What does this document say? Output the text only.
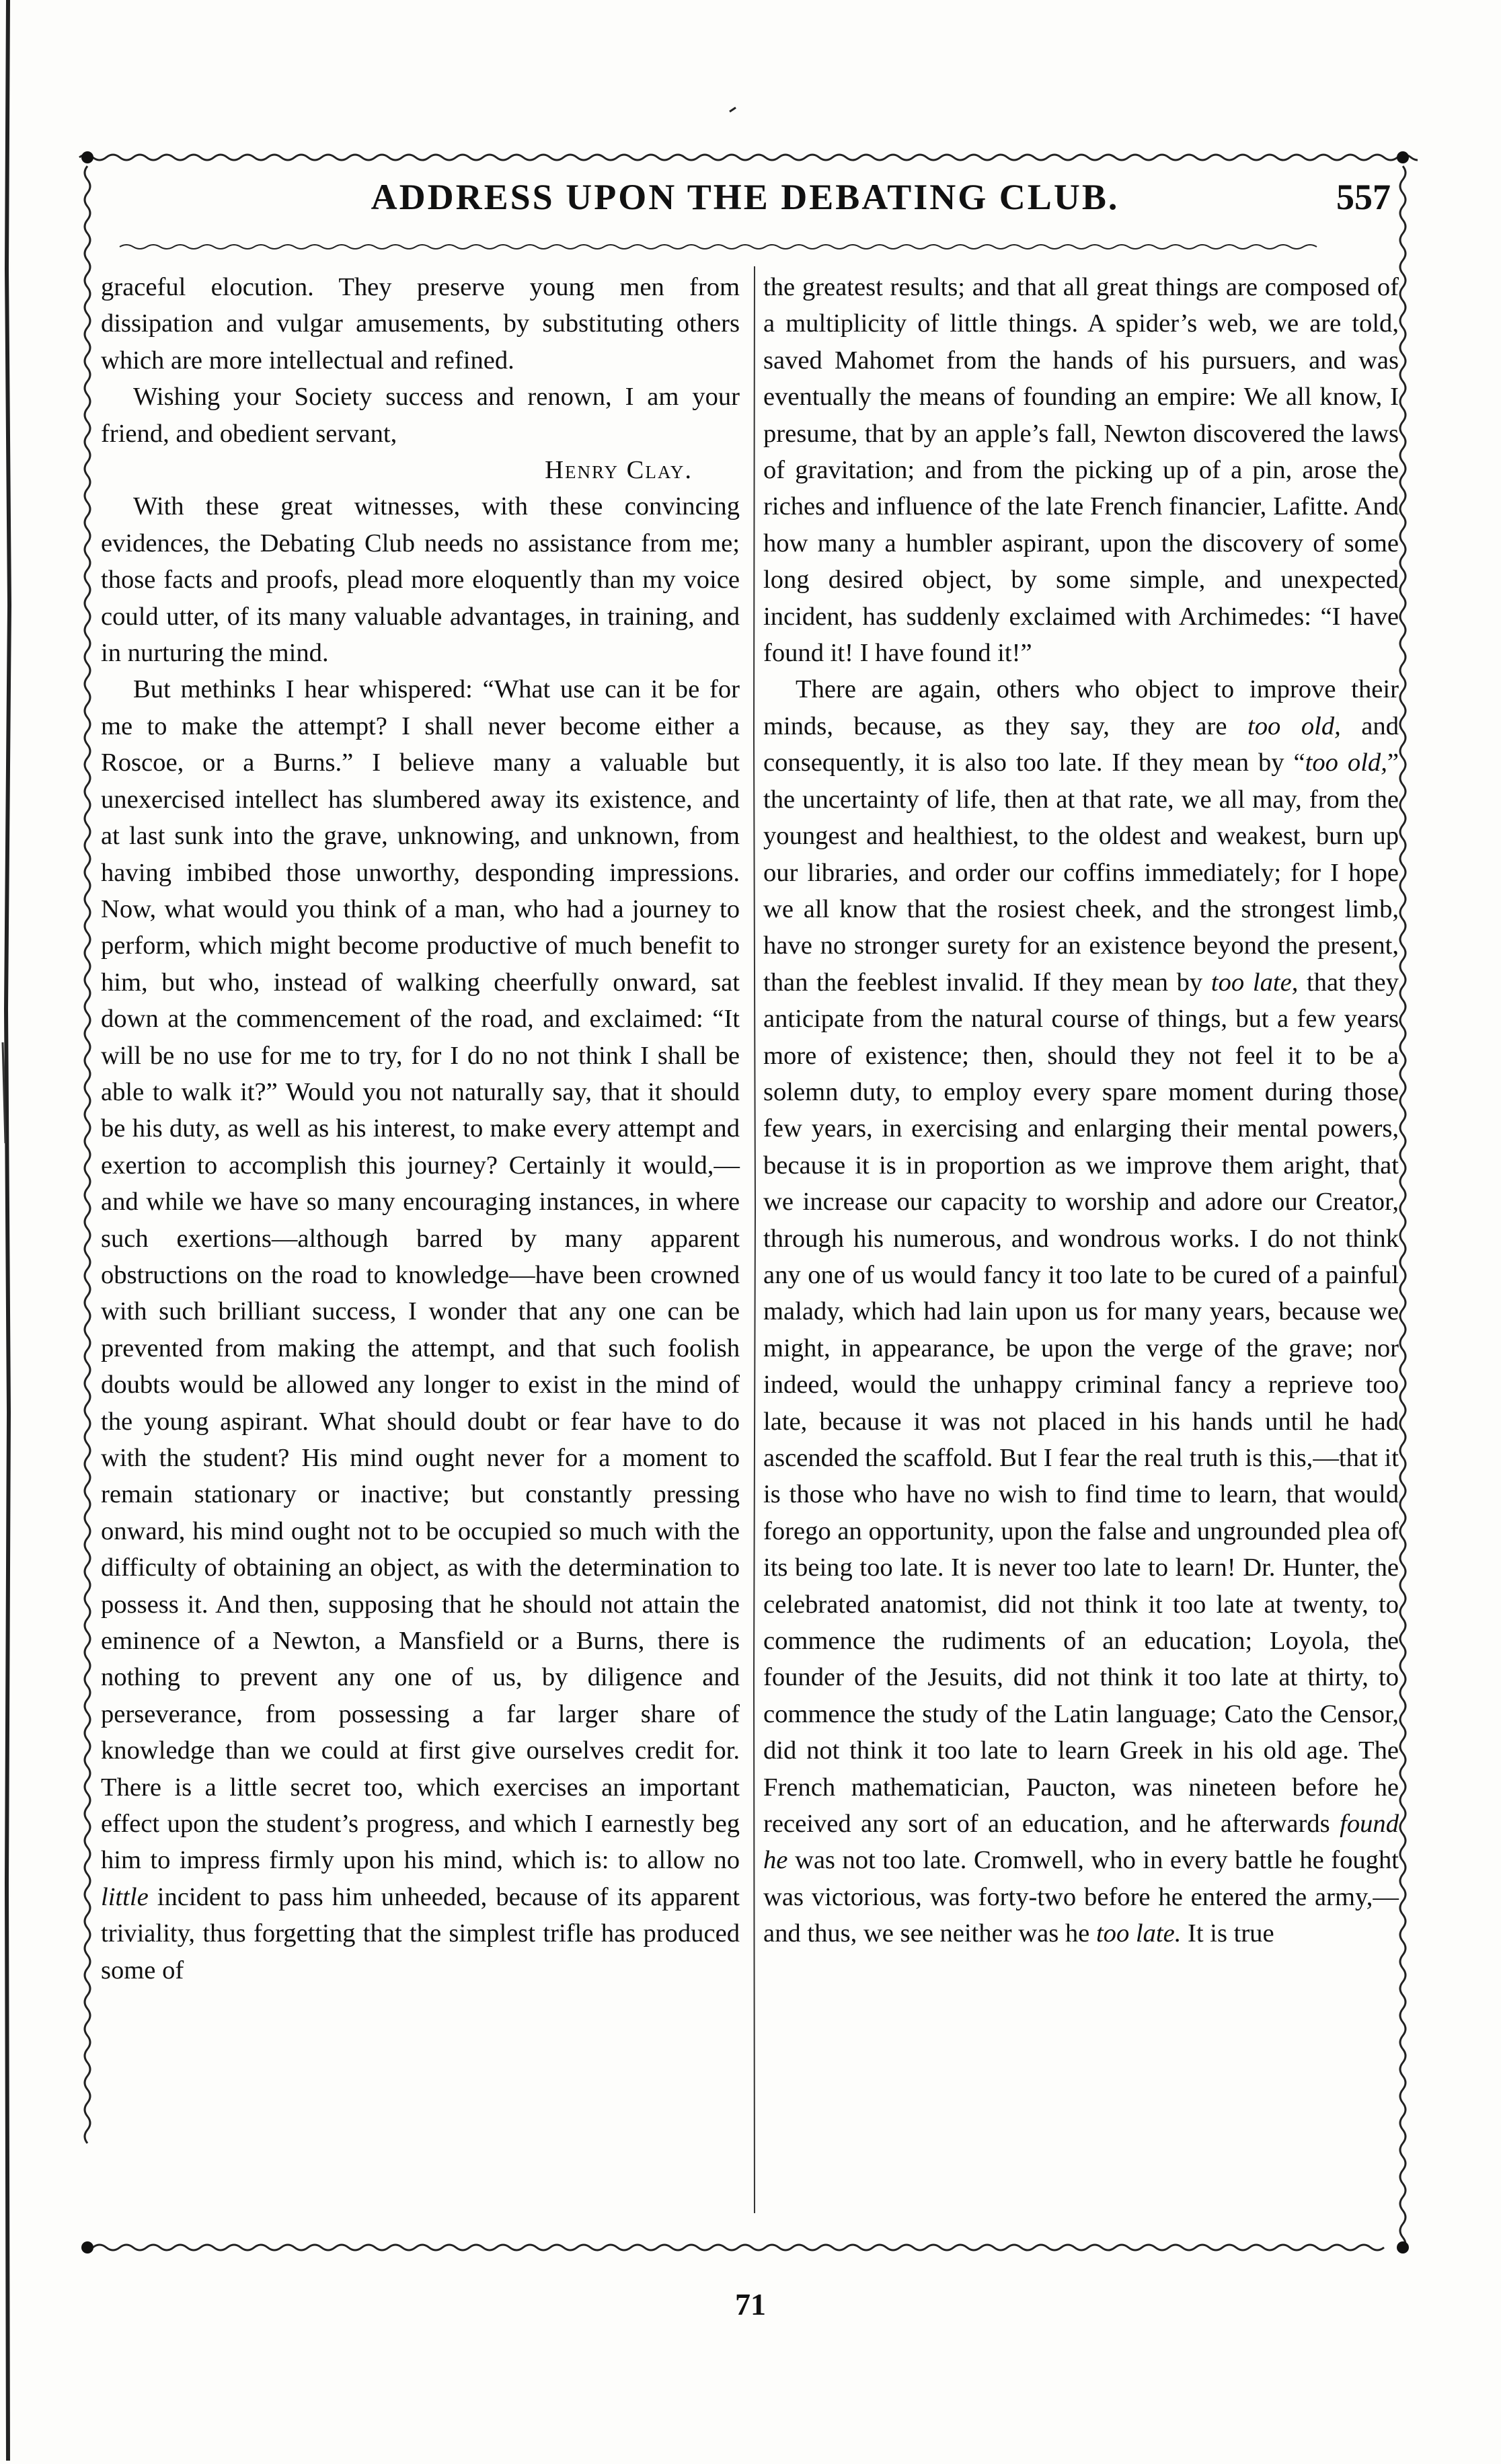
ADDRESS UPON THE DEBATING CLUB.	557

graceful elocution. They preserve young men from dissipation and vulgar amusements, by substituting others which are more intellectual and refined.

Wishing your Society success and renown, I am your friend, and obedient servant,

Henry Clay.

With these great witnesses, with these convincing evidences, the Debating Club needs no assistance from me; those facts and proofs, plead more eloquently than my voice could utter, of its many valuable advantages, in training, and in nurturing the mind.

But methinks I hear whispered: “What use can it be for me to make the attempt? I shall never become either a Roscoe, or a Burns.” I believe many a valuable but unexercised intellect has slumbered away its existence, and at last sunk into the grave, unknowing, and unknown, from having imbibed those unworthy, desponding impressions. Now, what would you think of a man, who had a journey to perform, which might become productive of much benefit to him, but who, instead of walking cheerfully onward, sat down at the commencement of the road, and exclaimed: “It will be no use for me to try, for I do no not think I shall be able to walk it?” Would you not naturally say, that it should be his duty, as well as his interest, to make every attempt and exertion to accomplish this journey? Certainly it would,—and while we have so many encouraging instances, in where such exertions—although barred by many apparent obstructions on the road to knowledge—have been crowned with such brilliant success, I wonder that any one can be prevented from making the attempt, and that such foolish doubts would be allowed any longer to exist in the mind of the young aspirant. What should doubt or fear have to do with the student? His mind ought never for a moment to remain stationary or inactive; but constantly pressing onward, his mind ought not to be occupied so much with the difficulty of obtaining an object, as with the determination to possess it. And then, supposing that he should not attain the eminence of a Newton, a Mansfield or a Burns, there is nothing to prevent any one of us, by diligence and perseverance, from possessing a far larger share of knowledge than we could at first give ourselves credit for. There is a little secret too, which exercises an important effect upon the student’s progress, and which I earnestly beg him to impress firmly upon his mind, which is: to allow no little incident to pass him unheeded, because of its apparent triviality, thus forgetting that the simplest trifle has produced some of

the greatest results; and that all great things are composed of a multiplicity of little things. A spider’s web, we are told, saved Mahomet from the hands of his pursuers, and was eventually the means of founding an empire: We all know, I presume, that by an apple’s fall, Newton discovered the laws of gravitation; and from the picking up of a pin, arose the riches and influence of the late French financier, Lafitte. And how many a humbler aspirant, upon the discovery of some long desired object, by some simple, and unexpected incident, has suddenly exclaimed with Archimedes: “I have found it! I have found it!”

There are again, others who object to improve their minds, because, as they say, they are too old, and consequently, it is also too late. If they mean by “too old,” the uncertainty of life, then at that rate, we all may, from the youngest and healthiest, to the oldest and weakest, burn up our libraries, and order our coffins immediately; for I hope we all know that the rosiest cheek, and the strongest limb, have no stronger surety for an existence beyond the present, than the feeblest invalid. If they mean by too late, that they anticipate from the natural course of things, but a few years more of existence; then, should they not feel it to be a solemn duty, to employ every spare moment during those few years, in exercising and enlarging their mental powers, because it is in proportion as we improve them aright, that we increase our capacity to worship and adore our Creator, through his numerous, and wondrous works. I do not think any one of us would fancy it too late to be cured of a painful malady, which had lain upon us for many years, because we might, in appearance, be upon the verge of the grave; nor indeed, would the unhappy criminal fancy a reprieve too late, because it was not placed in his hands until he had ascended the scaffold. But I fear the real truth is this,—that it is those who have no wish to find time to learn, that would forego an opportunity, upon the false and ungrounded plea of its being too late. It is never too late to learn! Dr. Hunter, the celebrated anatomist, did not think it too late at twenty, to commence the rudiments of an education; Loyola, the founder of the Jesuits, did not think it too late at thirty, to commence the study of the Latin language; Cato the Censor, did not think it too late to learn Greek in his old age. The French mathematician, Paucton, was nineteen before he received any sort of an education, and he afterwards found he was not too late. Cromwell, who in every battle he fought was victorious, was forty-two before he entered the army,—and thus, we see neither was he too late. It is true

71
